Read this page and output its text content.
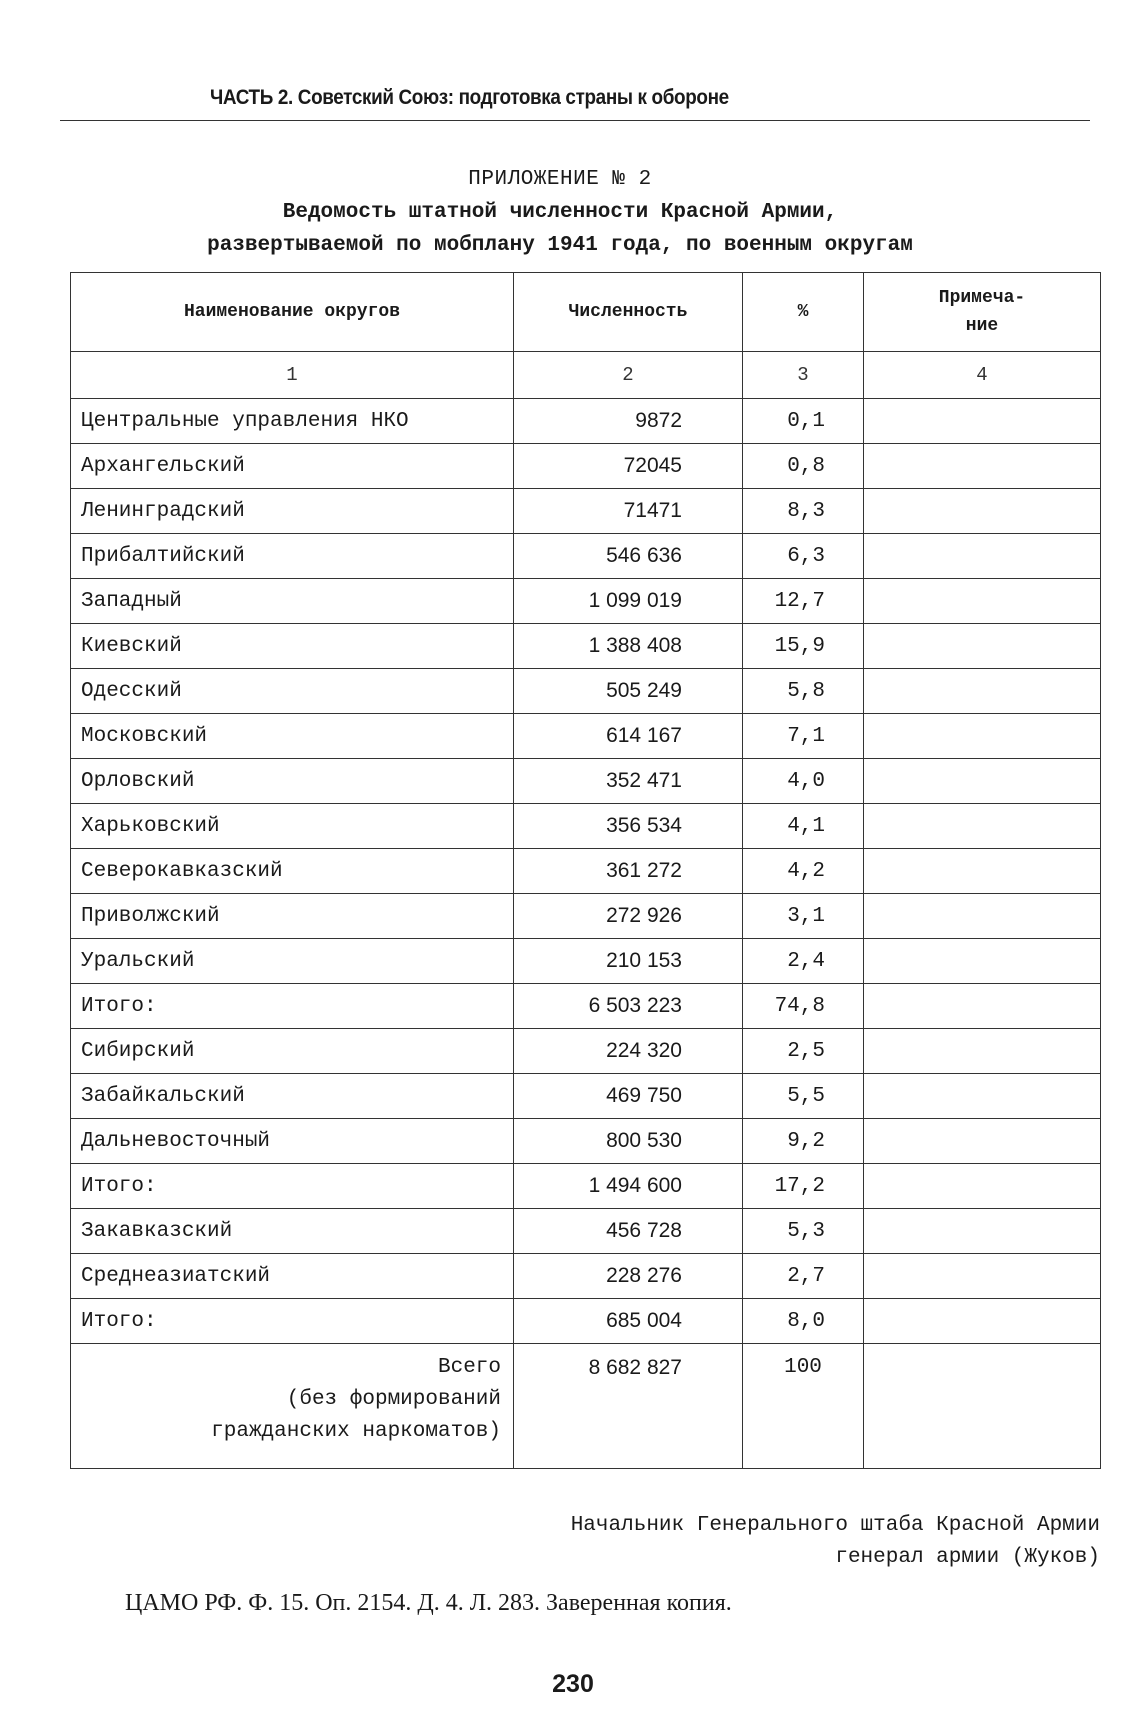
ЧАСТЬ 2. Советский Союз: подготовка страны к обороне
ПРИЛОЖЕНИЕ № 2
Ведомость штатной численности Красной Армии,
развертываемой по мобплану 1941 года, по военным округам
Наименование округов	Численность	%	Примеча-
ние

1	2	3	4
Центральные управления НКО	9872	0,1	
Архангельский	72045	0,8	
Ленинградский	71471	8,3	
Прибалтийский	546 636	6,3	
Западный	1 099 019	12,7	
Киевский	1 388 408	15,9	
Одесский	505 249	5,8	
Московский	614 167	7,1	
Орловский	352 471	4,0	
Харьковский	356 534	4,1	
Северокавказский	361 272	4,2	
Приволжский	272 926	3,1	
Уральский	210 153	2,4	
Итого:	6 503 223	74,8	
Сибирский	224 320	2,5	
Забайкальский	469 750	5,5	
Дальневосточный	800 530	9,2	
Итого:	1 494 600	17,2	
Закавказский	456 728	5,3	
Среднеазиатский	228 276	2,7	
Итого:	685 004	8,0	

Всего
(без формирований
гражданских наркоматов)	8 682 827	100	
Начальник Генерального штаба Красной Армии
генерал армии (Жуков)
ЦАМО РФ. Ф. 15. Оп. 2154. Д. 4. Л. 283. Заверенная копия.
230
